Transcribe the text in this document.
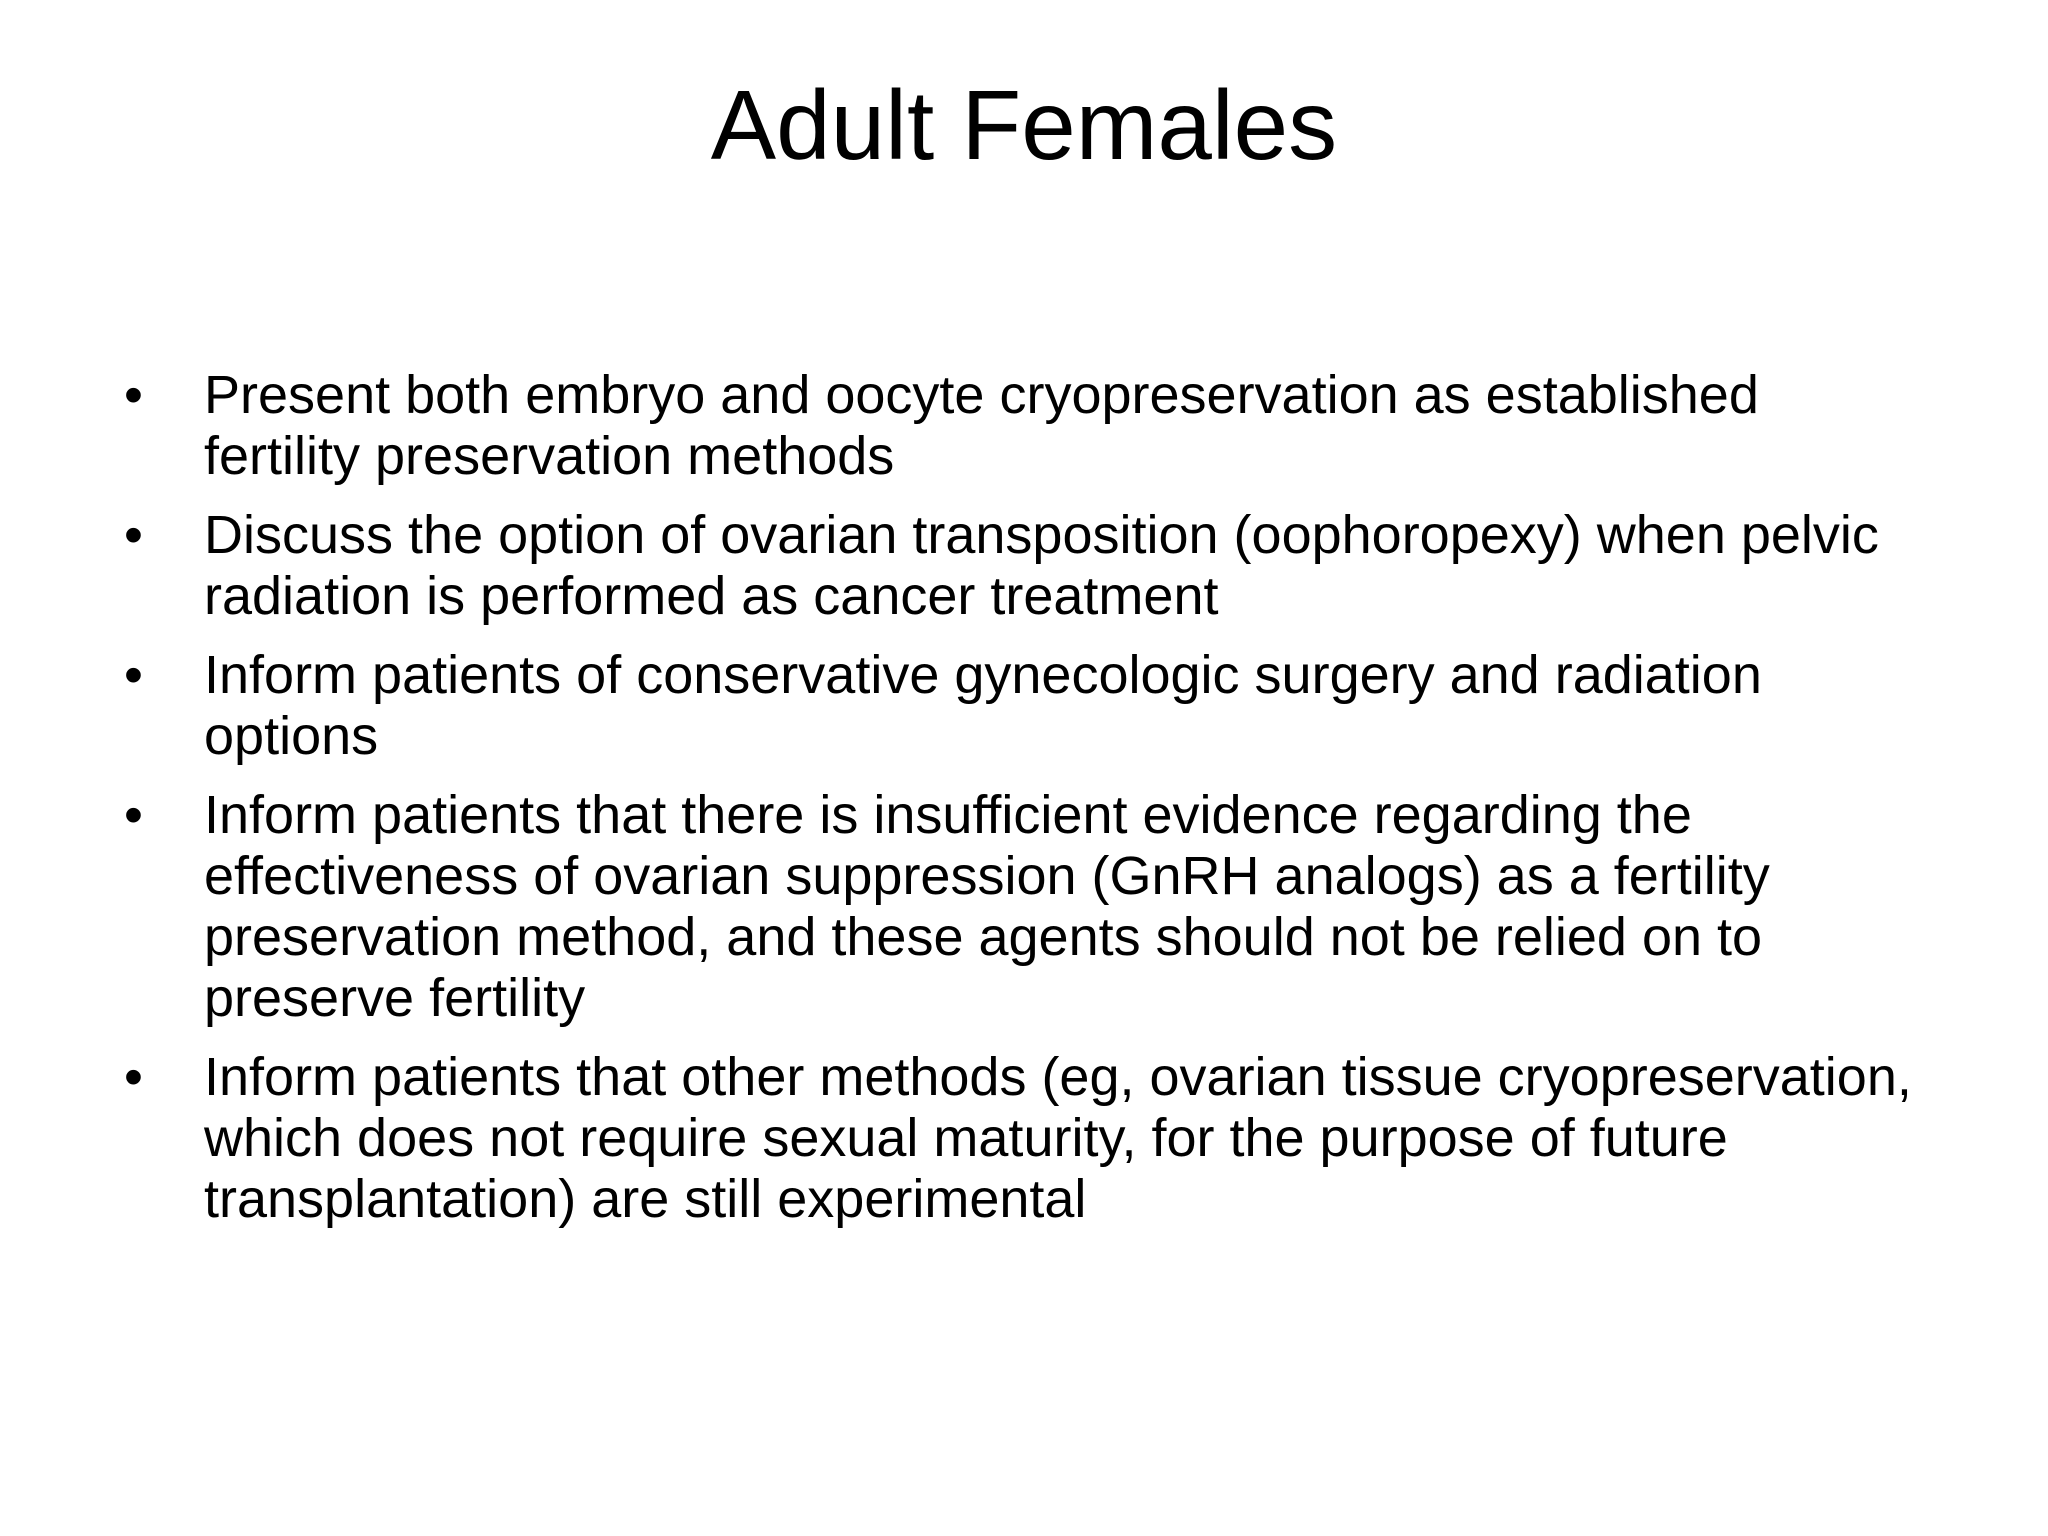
Adult Females
• Present both embryo and oocyte cryopreservation as established fertility preservation methods
• Discuss the option of ovarian transposition (oophoropexy) when pelvic radiation is performed as cancer treatment
• Inform patients of conservative gynecologic surgery and radiation options
• Inform patients that there is insufficient evidence regarding the effectiveness of ovarian suppression (GnRH analogs) as a fertility preservation method, and these agents should not be relied on to preserve fertility
• Inform patients that other methods (eg, ovarian tissue cryopreservation, which does not require sexual maturity, for the purpose of future transplantation) are still experimental
